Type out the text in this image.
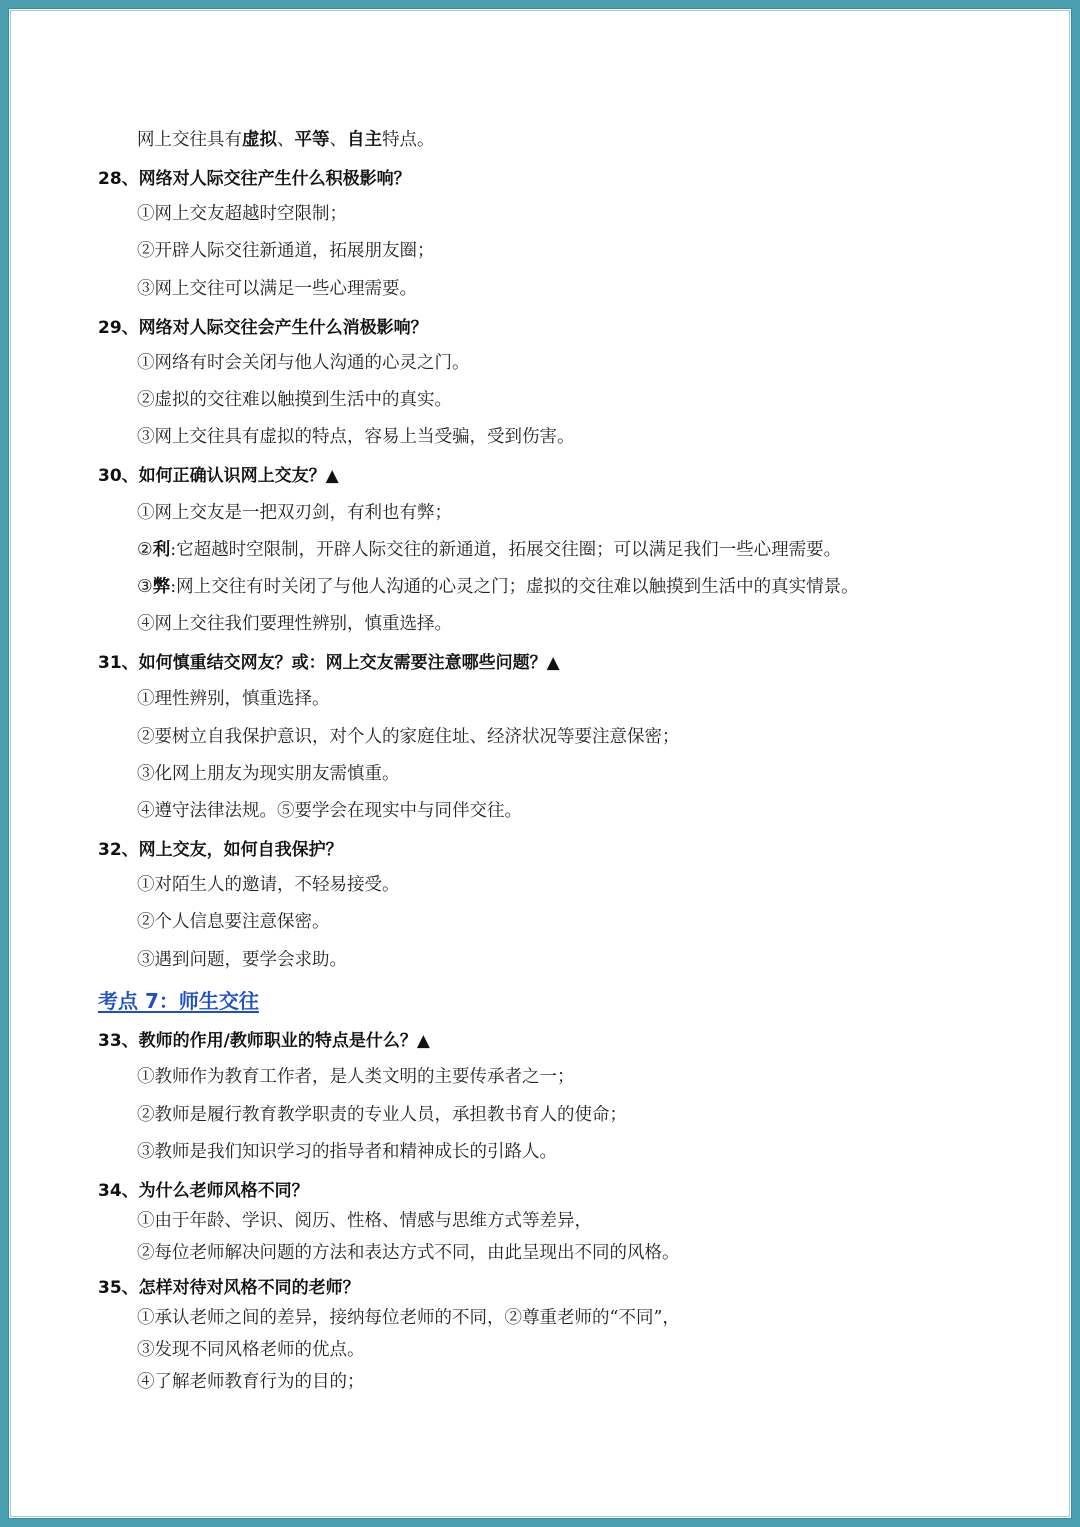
网上交往具有虚拟、平等、自主特点。
28、网络对人际交往产生什么积极影响？
①网上交友超越时空限制；
②开辟人际交往新通道，拓展朋友圈；
③网上交往可以满足一些心理需要。
29、网络对人际交往会产生什么消极影响？
①网络有时会关闭与他人沟通的心灵之门。
②虚拟的交往难以触摸到生活中的真实。
③网上交往具有虚拟的特点，容易上当受骗，受到伤害。
30、如何正确认识网上交友？▲
①网上交友是一把双刃剑，有利也有弊；
②利:它超越时空限制，开辟人际交往的新通道，拓展交往圈；可以满足我们一些心理需要。
③弊:网上交往有时关闭了与他人沟通的心灵之门；虚拟的交往难以触摸到生活中的真实情景。
④网上交往我们要理性辨别，慎重选择。
31、如何慎重结交网友？或：网上交友需要注意哪些问题？▲
①理性辨别，慎重选择。
②要树立自我保护意识，对个人的家庭住址、经济状况等要注意保密；
③化网上朋友为现实朋友需慎重。
④遵守法律法规。⑤要学会在现实中与同伴交往。
32、网上交友，如何自我保护？
①对陌生人的邀请，不轻易接受。
②个人信息要注意保密。
③遇到问题，要学会求助。
考点 7：师生交往
33、教师的作用/教师职业的特点是什么？▲
①教师作为教育工作者，是人类文明的主要传承者之一；
②教师是履行教育教学职责的专业人员，承担教书育人的使命；
③教师是我们知识学习的指导者和精神成长的引路人。
34、为什么老师风格不同？
①由于年龄、学识、阅历、性格、情感与思维方式等差异，
②每位老师解决问题的方法和表达方式不同，由此呈现出不同的风格。
35、怎样对待对风格不同的老师？
①承认老师之间的差异，接纳每位老师的不同，②尊重老师的“不同”，
③发现不同风格老师的优点。
④了解老师教育行为的目的；
